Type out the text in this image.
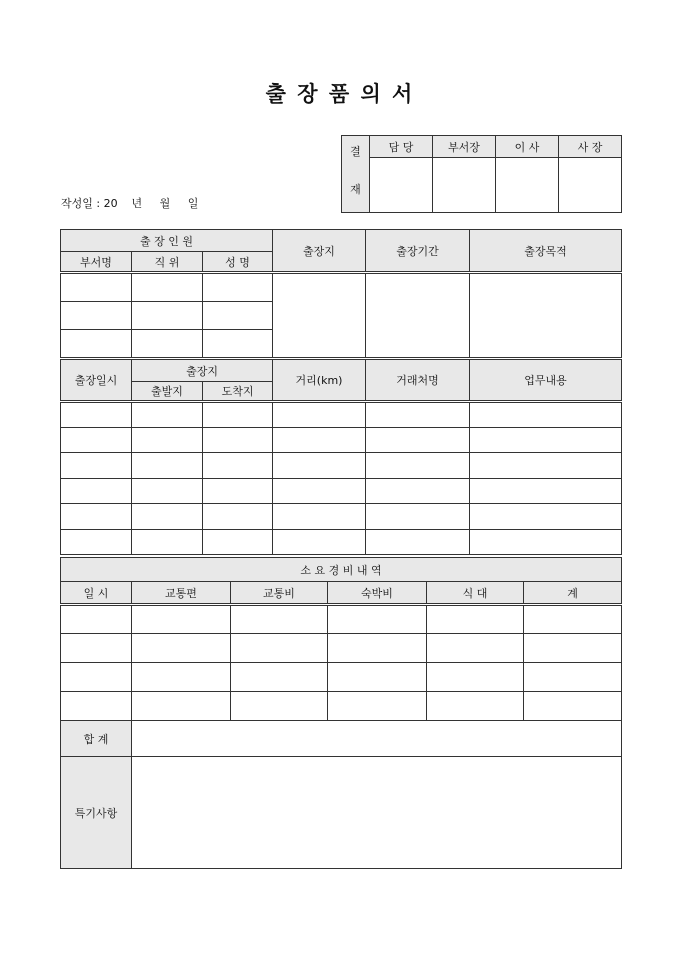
출 장 품 의 서
작성일 : 20    년     월     일
결	담 당	부서장	이 사	사 장

재				
출 장 인 원			출장지	출장기간	출장목적
부서명	직 위	성 명			

출장일시	출장지		거리(km)	거래처명	업무내용
	출발지	도착지			

소 요 경 비 내 역					
일 시	교통편	교통비	숙박비	식 대	계

합 계					
특기사항					
